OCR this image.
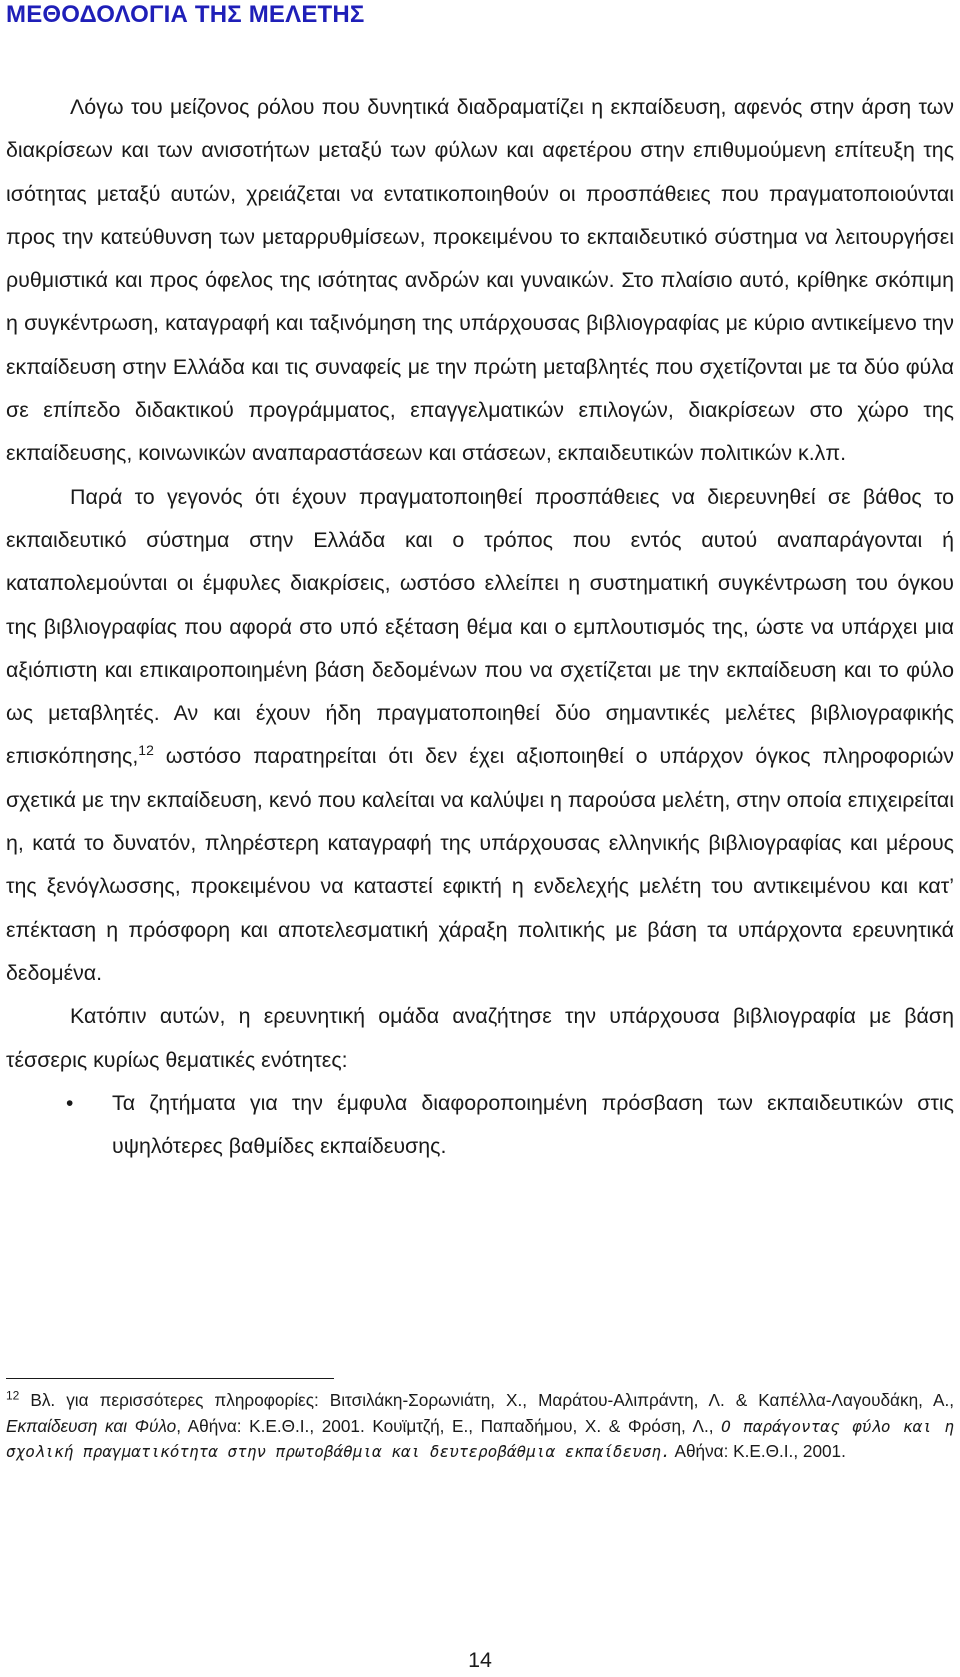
ΜΕΘΟΔΟΛΟΓΙΑ ΤΗΣ ΜΕΛΕΤΗΣ

Λόγω του μείζονος ρόλου που δυνητικά διαδραματίζει η εκπαίδευση, αφενός στην άρση των διακρίσεων και των ανισοτήτων μεταξύ των φύλων και αφετέρου στην επιθυμούμενη επίτευξη της ισότητας μεταξύ αυτών, χρειάζεται να εντατικοποιηθούν οι προσπάθειες που πραγματοποιούνται προς την κατεύθυνση των μεταρρυθμίσεων, προκειμένου το εκπαιδευτικό σύστημα να λειτουργήσει ρυθμιστικά και προς όφελος της ισότητας ανδρών και γυναικών. Στο πλαίσιο αυτό, κρίθηκε σκόπιμη η συγκέντρωση, καταγραφή και ταξινόμηση της υπάρχουσας βιβλιογραφίας με κύριο αντικείμενο την εκπαίδευση στην Ελλάδα και τις συναφείς με την πρώτη μεταβλητές που σχετίζονται με τα δύο φύλα σε επίπεδο διδακτικού προγράμματος, επαγγελματικών επιλογών, διακρίσεων στο χώρο της εκπαίδευσης, κοινωνικών αναπαραστάσεων και στάσεων, εκπαιδευτικών πολιτικών κ.λπ.

Παρά το γεγονός ότι έχουν πραγματοποιηθεί προσπάθειες να διερευνηθεί σε βάθος το εκπαιδευτικό σύστημα στην Ελλάδα και ο τρόπος που εντός αυτού αναπαράγονται ή καταπολεμούνται οι έμφυλες διακρίσεις, ωστόσο ελλείπει η συστηματική συγκέντρωση του όγκου της βιβλιογραφίας που αφορά στο υπό εξέταση θέμα και ο εμπλουτισμός της, ώστε να υπάρχει μια αξιόπιστη και επικαιροποιημένη βάση δεδομένων που να σχετίζεται με την εκπαίδευση και το φύλο ως μεταβλητές. Αν και έχουν ήδη πραγματοποιηθεί δύο σημαντικές μελέτες βιβλιογραφικής επισκόπησης,$^{12}$ ωστόσο παρατηρείται ότι δεν έχει αξιοποιηθεί ο υπάρχον όγκος πληροφοριών σχετικά με την εκπαίδευση, κενό που καλείται να καλύψει η παρούσα μελέτη, στην οποία επιχειρείται η, κατά το δυνατόν, πληρέστερη καταγραφή της υπάρχουσας ελληνικής βιβλιογραφίας και μέρους της ξενόγλωσσης, προκειμένου να καταστεί εφικτή η ενδελεχής μελέτη του αντικειμένου και κατ’ επέκταση η πρόσφορη και αποτελεσματική χάραξη πολιτικής με βάση τα υπάρχοντα ερευνητικά δεδομένα.

Κατόπιν αυτών, η ερευνητική ομάδα αναζήτησε την υπάρχουσα βιβλιογραφία με βάση τέσσερις κυρίως θεματικές ενότητες:

• Τα ζητήματα για την έμφυλα διαφοροποιημένη πρόσβαση των εκπαιδευτικών στις υψηλότερες βαθμίδες εκπαίδευσης.
$^{12}$ Βλ. για περισσότερες πληροφορίες: Βιτσιλάκη-Σορωνιάτη, Χ., Μαράτου-Αλιπράντη, Λ. & Καπέλλα-Λαγουδάκη, Α., Εκπαίδευση και Φύλο, Αθήνα: Κ.Ε.Θ.Ι., 2001. Κουϊμτζή, Ε., Παπαδήμου, Χ. & Φρόση, Λ., Ο παράγοντας φύλο και η σχολική πραγματικότητα στην πρωτοβάθμια και δευτεροβάθμια εκπαίδευση. Αθήνα: Κ.Ε.Θ.Ι., 2001.
14
